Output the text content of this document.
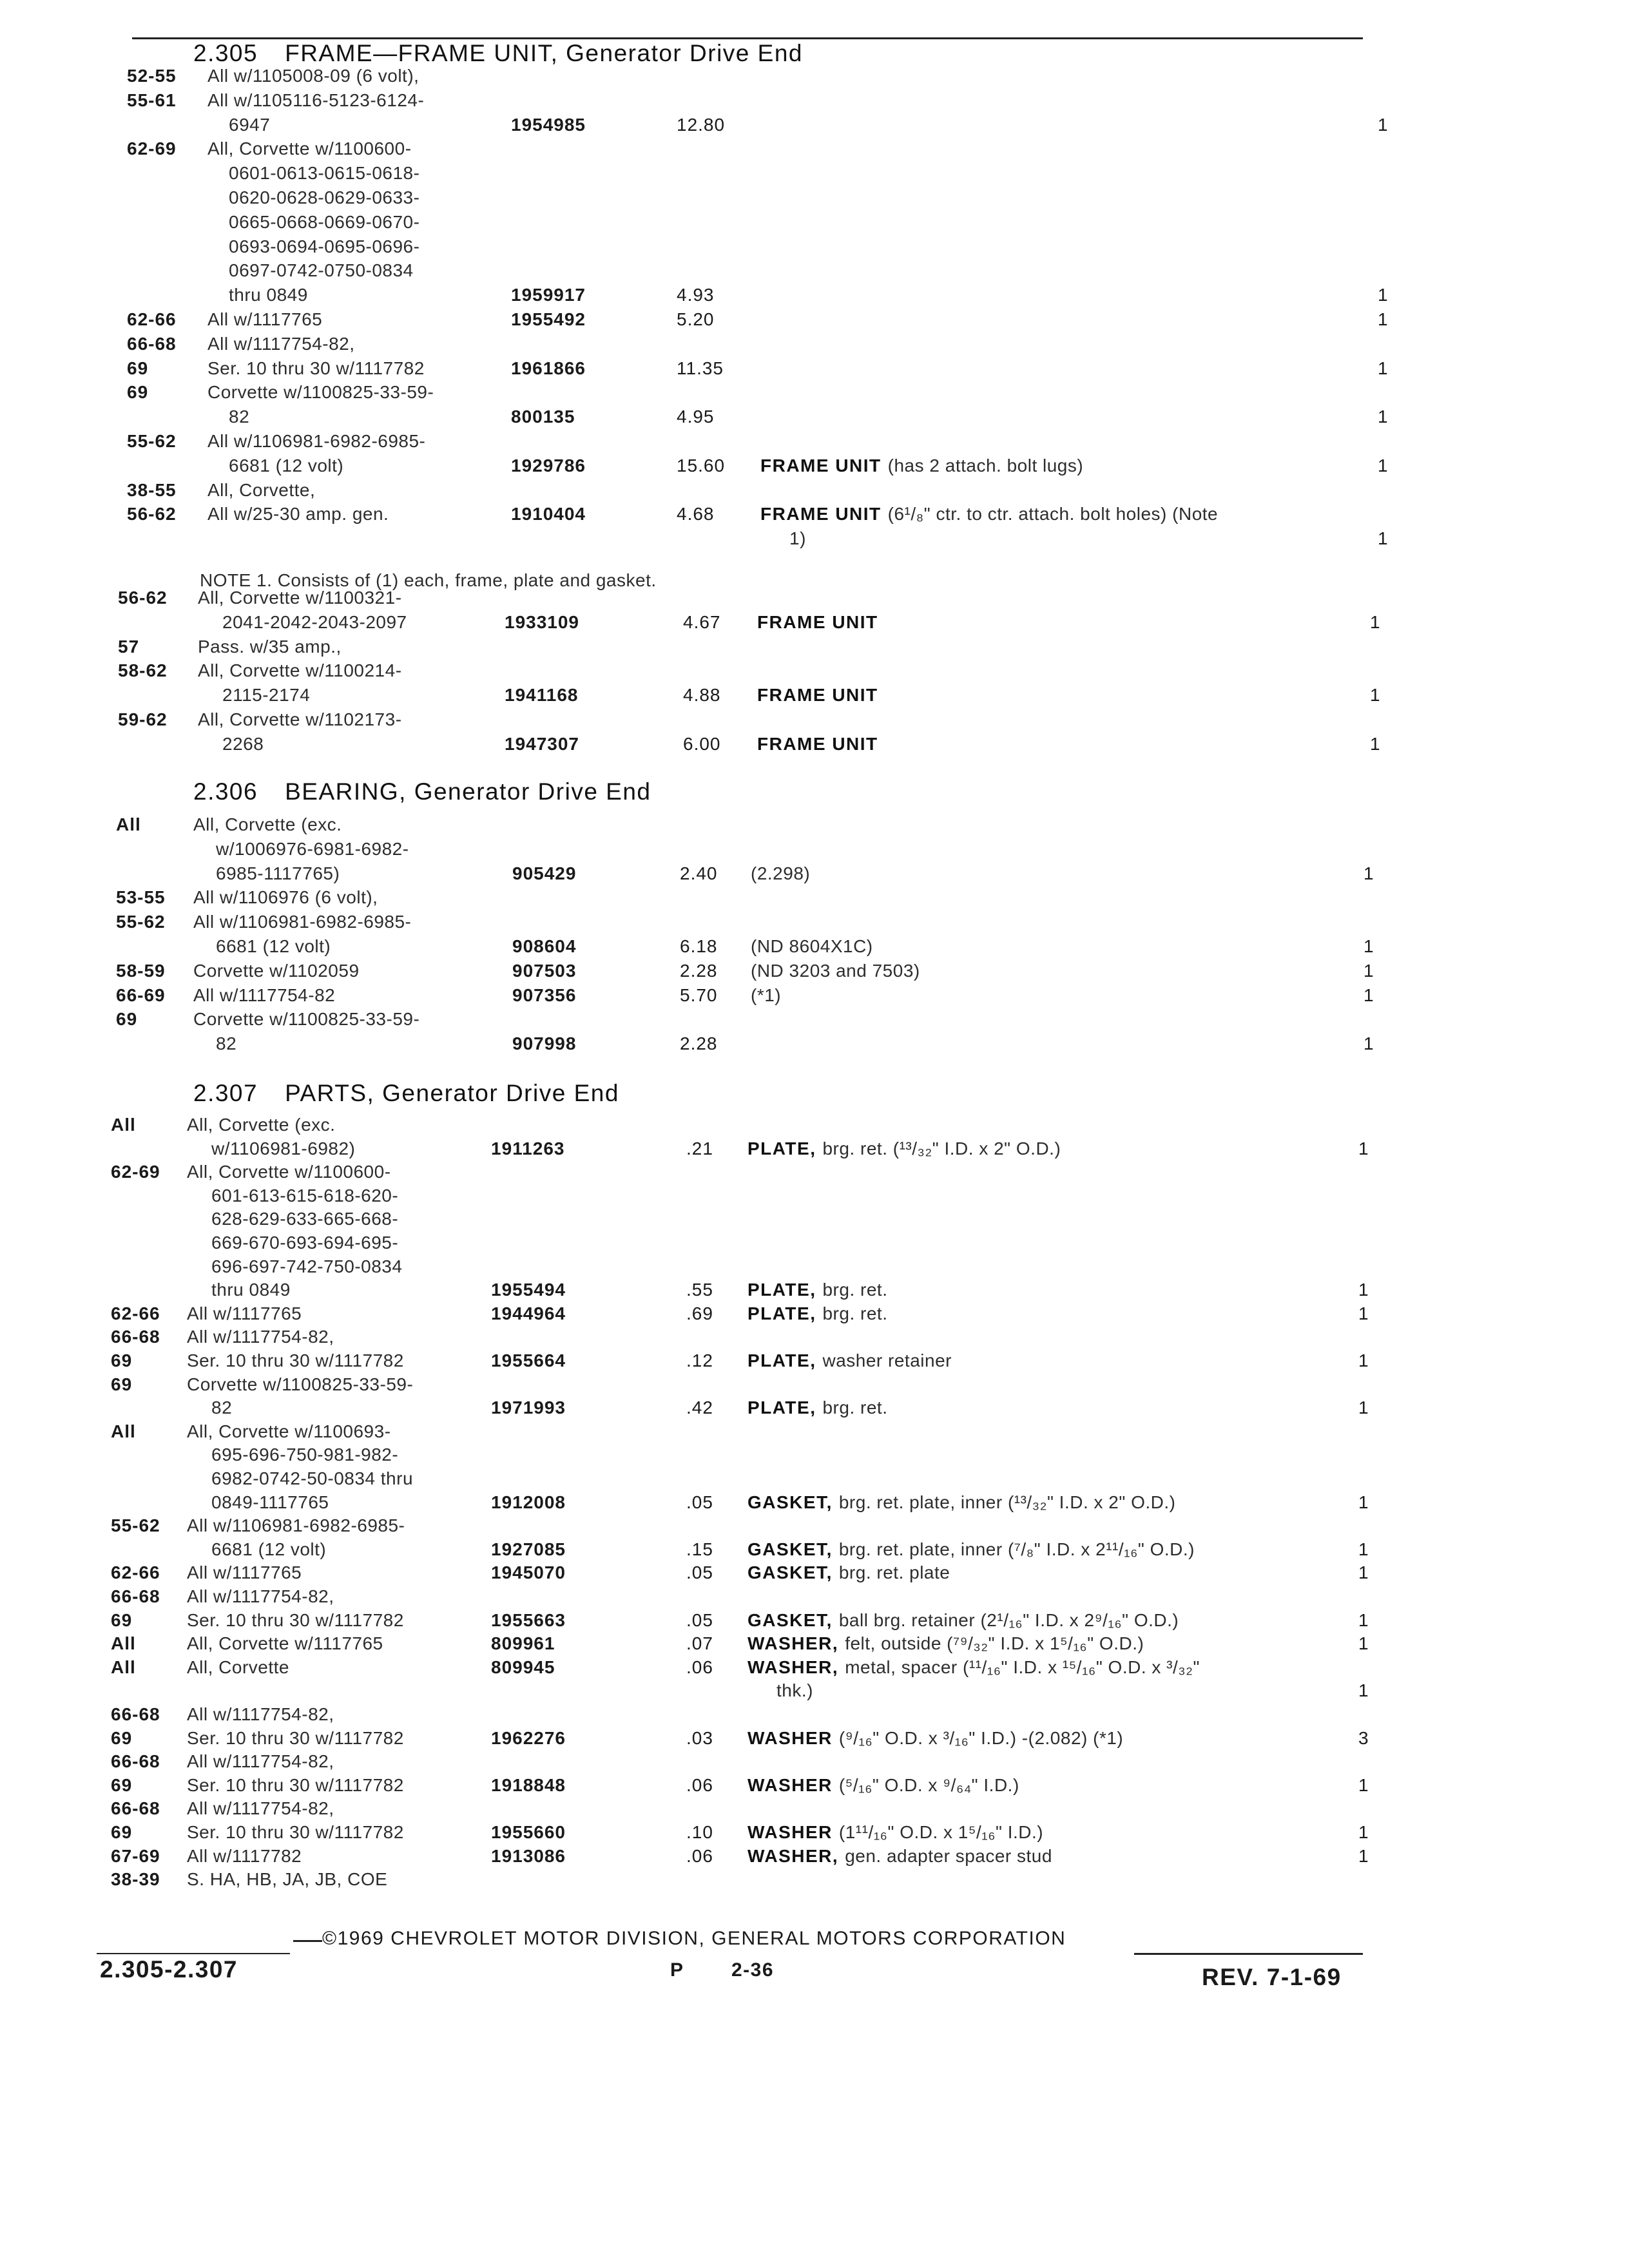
2.305 FRAME—FRAME UNIT, Generator Drive End
52-55 All w/1105008-09 (6 volt),
55-61 All w/1105116-5123-6124-
6947	1954985	12.80	1
62-69 All, Corvette w/1100600-
0601-0613-0615-0618-
0620-0628-0629-0633-
0665-0668-0669-0670-
0693-0694-0695-0696-
0697-0742-0750-0834
thru 0849	1959917	4.93	1
62-66 All w/1117765	1955492	5.20	1
66-68 All w/1117754-82,
69	Ser. 10 thru 30 w/1117782	1961866	11.35	1
69	Corvette w/1100825-33-59-
82	800135	4.95	1
55-62 All w/1106981-6982-6985-
6681 (12 volt)	1929786	15.60 FRAME UNIT (has 2 attach. bolt lugs)	1
38-55 All, Corvette,
56-62 All w/25-30 amp. gen.	1910404	4.68	FRAME UNIT (6¹/₈" ctr. to ctr. attach. bolt holes) (Note
1)	1
NOTE 1. Consists of (1) each, frame, plate and gasket.
56-62 All, Corvette w/1100321-
2041-2042-2043-2097	1933109	4.67 FRAME UNIT	1
57	Pass. w/35 amp.,
58-62 All, Corvette w/1100214-
2115-2174	1941168	4.88 FRAME UNIT	1
59-62 All, Corvette w/1102173-
2268	1947307	6.00 FRAME UNIT	1
2.306 BEARING, Generator Drive End
All	All, Corvette (exc.
w/1006976-6981-6982-
6985-1117765)	905429	2.40 (2.298)	1
53-55 All w/1106976 (6 volt),
55-62 All w/1106981-6982-6985-
6681 (12 volt)	908604	6.18 (ND 8604X1C)	1
58-59 Corvette w/1102059	907503	2.28 (ND 3203 and 7503)	1
66-69 All w/1117754-82	907356	5.70 (*1)	1
69	Corvette w/1100825-33-59-
82	907998	2.28	1
2.307 PARTS, Generator Drive End
All	All, Corvette (exc.
w/1106981-6982)	1911263	.21 PLATE, brg. ret. (¹³/₃₂" I.D. x 2" O.D.)	1
62-69 All, Corvette w/1100600-
601-613-615-618-620-
628-629-633-665-668-
669-670-693-694-695-
696-697-742-750-0834
thru 0849	1955494	.55 PLATE, brg. ret.	1
62-66 All w/1117765	1944964	.69 PLATE, brg. ret.	1
66-68 All w/1117754-82,
69	Ser. 10 thru 30 w/1117782	1955664	.12 PLATE, washer retainer	1
69	Corvette w/1100825-33-59-
82	1971993	.42 PLATE, brg. ret.	1
All	All, Corvette w/1100693-
695-696-750-981-982-
6982-0742-50-0834 thru
0849-1117765	1912008	.05 GASKET, brg. ret. plate, inner (¹³/₃₂" I.D. x 2" O.D.)	1
55-62 All w/1106981-6982-6985-
6681 (12 volt)	1927085	.15 GASKET, brg. ret. plate, inner (⁷/₈" I.D. x 2¹¹/₁₆" O.D.)	1
62-66 All w/1117765	1945070	.05 GASKET, brg. ret. plate	1
66-68 All w/1117754-82,
69	Ser. 10 thru 30 w/1117782	1955663	.05 GASKET, ball brg. retainer (2¹/₁₆" I.D. x 2⁹/₁₆" O.D.)	1
All	All, Corvette w/1117765	809961	.07 WASHER, felt, outside (⁷⁹/₃₂" I.D. x 1⁵/₁₆" O.D.)	1
All	All, Corvette	809945	.06 WASHER, metal, spacer (¹¹/₁₆" I.D. x ¹⁵/₁₆" O.D. x ³/₃₂"
thk.)	1
66-68 All w/1117754-82,
69	Ser. 10 thru 30 w/1117782	1962276	.03 WASHER (⁹/₁₆" O.D. x ³/₁₆" I.D.) -(2.082) (*1)	3
66-68 All w/1117754-82,
69	Ser. 10 thru 30 w/1117782	1918848	.06 WASHER (⁵/₁₆" O.D. x ⁹/₆₄" I.D.)	1
66-68 All w/1117754-82,
69	Ser. 10 thru 30 w/1117782	1955660	.10 WASHER (1¹¹/₁₆" O.D. x 1⁵/₁₆" I.D.)	1
67-69 All w/1117782	1913086	.06 WASHER, gen. adapter spacer stud	1
38-39 S. HA, HB, JA, JB, COE
©1969 CHEVROLET MOTOR DIVISION, GENERAL MOTORS CORPORATION
2.305-2.307	P 2-36	REV. 7-1-69
